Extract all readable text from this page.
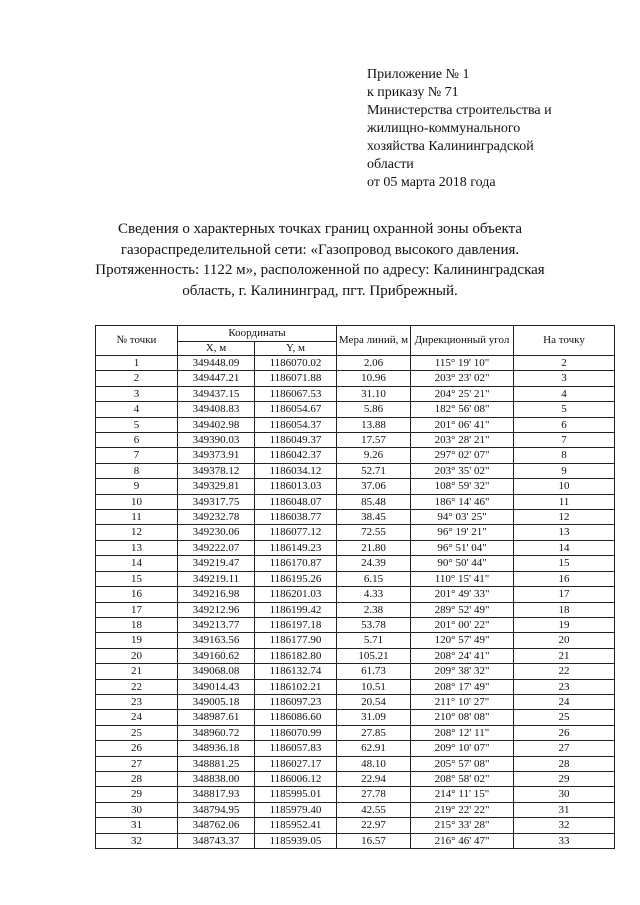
Приложение № 1
к приказу № 71
Министерства строительства и
жилищно-коммунального
хозяйства Калининградской
области
от 05 марта 2018 года
Сведения о характерных точках границ охранной зоны объекта
газораспределительной сети: «Газопровод высокого давления.
Протяженность: 1122 м», расположенной по адресу: Калининградская
область, г. Калининград, пгт. Прибрежный.
№ точки	Координаты		Мера линий, м	Дирекционный угол	На точку
	X, м	Y, м			
1	349448.09	1186070.02	2.06	115° 19' 10"	2
2	349447.21	1186071.88	10.96	203° 23' 02"	3
3	349437.15	1186067.53	31.10	204° 25' 21"	4
4	349408.83	1186054.67	5.86	182° 56' 08"	5
5	349402.98	1186054.37	13.88	201° 06' 41"	6
6	349390.03	1186049.37	17.57	203° 28' 21"	7
7	349373.91	1186042.37	9.26	297° 02' 07"	8
8	349378.12	1186034.12	52.71	203° 35' 02"	9
9	349329.81	1186013.03	37.06	108° 59' 32"	10
10	349317.75	1186048.07	85.48	186° 14' 46"	11
11	349232.78	1186038.77	38.45	94° 03' 25"	12
12	349230.06	1186077.12	72.55	96° 19' 21"	13
13	349222.07	1186149.23	21.80	96° 51' 04"	14
14	349219.47	1186170.87	24.39	90° 50' 44"	15
15	349219.11	1186195.26	6.15	110° 15' 41"	16
16	349216.98	1186201.03	4.33	201° 49' 33"	17
17	349212.96	1186199.42	2.38	289° 52' 49"	18
18	349213.77	1186197.18	53.78	201° 00' 22"	19
19	349163.56	1186177.90	5.71	120° 57' 49"	20
20	349160.62	1186182.80	105.21	208° 24' 41"	21
21	349068.08	1186132.74	61.73	209° 38' 32"	22
22	349014.43	1186102.21	10.51	208° 17' 49"	23
23	349005.18	1186097.23	20.54	211° 10' 27"	24
24	348987.61	1186086.60	31.09	210° 08' 08"	25
25	348960.72	1186070.99	27.85	208° 12' 11"	26
26	348936.18	1186057.83	62.91	209° 10' 07"	27
27	348881.25	1186027.17	48.10	205° 57' 08"	28
28	348838.00	1186006.12	22.94	208° 58' 02"	29
29	348817.93	1185995.01	27.78	214° 11' 15"	30
30	348794.95	1185979.40	42.55	219° 22' 22"	31
31	348762.06	1185952.41	22.97	215° 33' 28"	32
32	348743.37	1185939.05	16.57	216° 46' 47"	33
